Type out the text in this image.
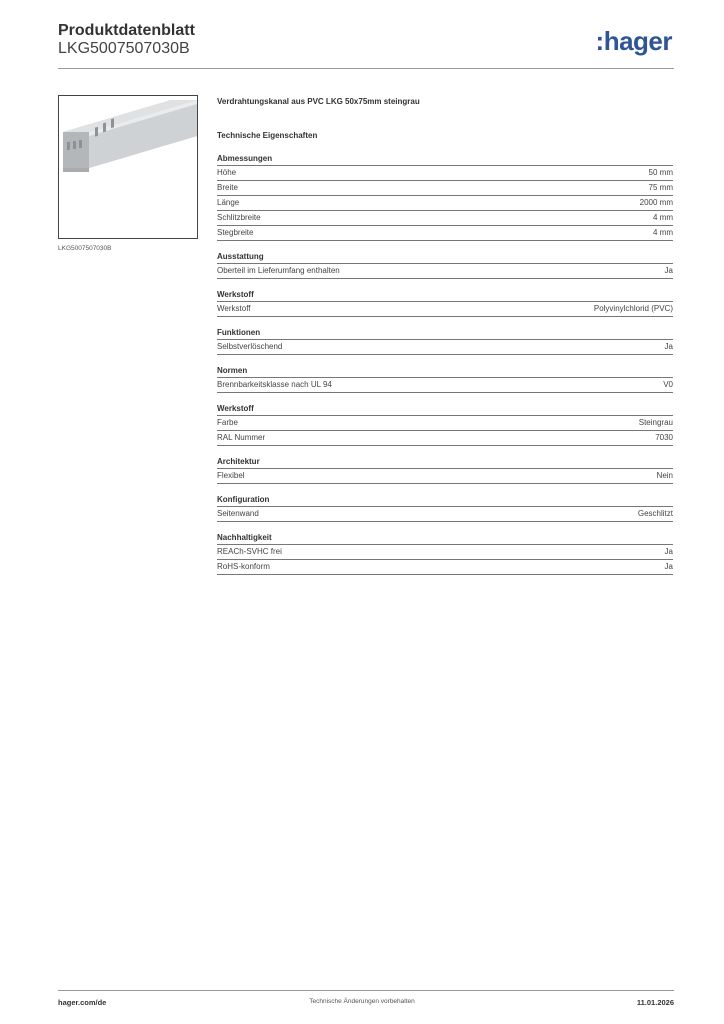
Produktdatenblatt
LKG5007507030B	:hager
LKG5007507030B
Verdrahtungskanal aus PVC LKG 50x75mm steingrau
Technische Eigenschaften
Abmessungen
Höhe	50 mm
Breite	75 mm
Länge	2000 mm
Schlitzbreite	4 mm
Stegbreite	4 mm
Ausstattung
Oberteil im Lieferumfang enthalten	Ja
Werkstoff
Werkstoff	Polyvinylchlorid (PVC)
Funktionen
Selbstverlöschend	Ja
Normen
Brennbarkeitsklasse nach UL 94	V0
Werkstoff
Farbe	Steingrau
RAL Nummer	7030
Architektur
Flexibel	Nein
Konfiguration
Seitenwand	Geschlitzt
Nachhaltigkeit
REACh-SVHC frei	Ja
RoHS-konform	Ja
hager.com/de	Technische Änderungen vorbehalten	11.01.2026
